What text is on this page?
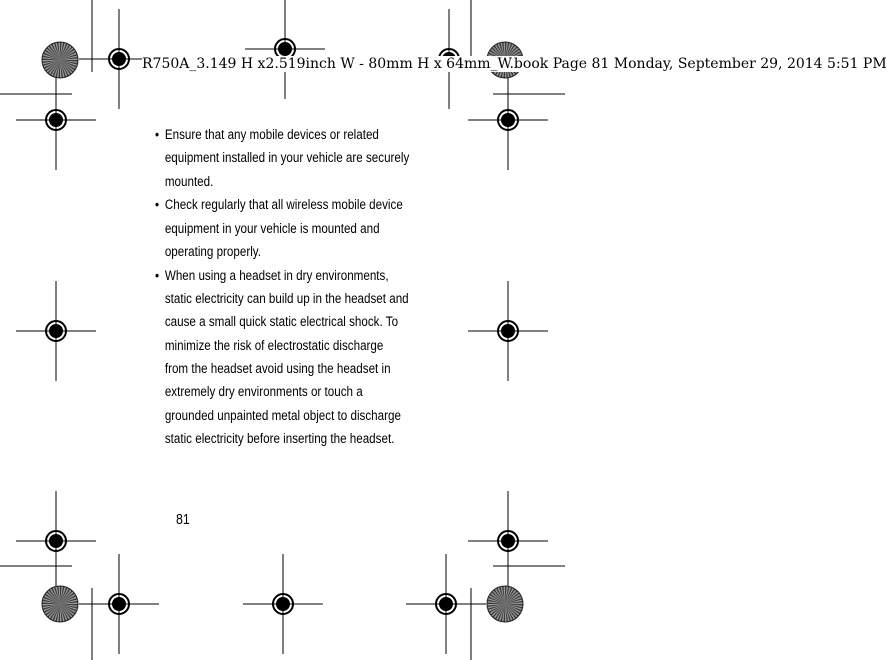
R750A_3.149 H x2.519inch W - 80mm H x 64mm_W.book Page 81 Monday, September 29, 2014 5:51 PM
• Ensure that any mobile devices or related
equipment installed in your vehicle are securely
mounted.
• Check regularly that all wireless mobile device
equipment in your vehicle is mounted and
operating properly.
• When using a headset in dry environments,
static electricity can build up in the headset and
cause a small quick static electrical shock. To
minimize the risk of electrostatic discharge
from the headset avoid using the headset in
extremely dry environments or touch a
grounded unpainted metal object to discharge
static electricity before inserting the headset.
81
